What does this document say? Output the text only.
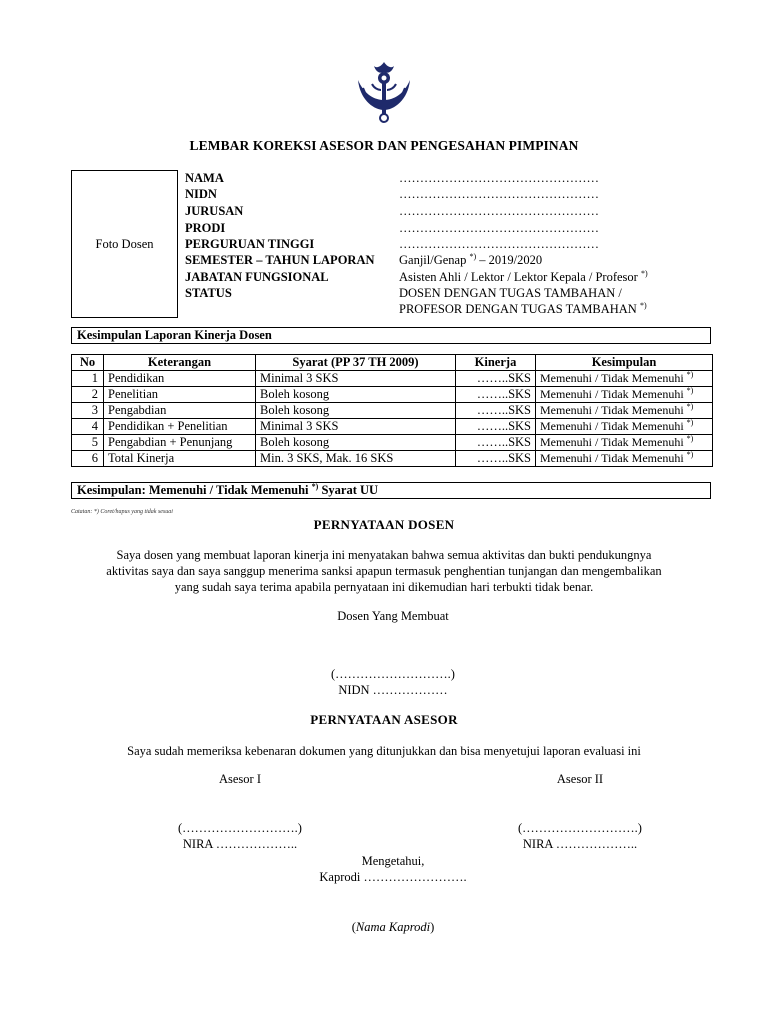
LEMBAR KOREKSI ASESOR DAN PENGESAHAN PIMPINAN
Foto Dosen
NAMA	…………………………………………
NIDN	…………………………………………
JURUSAN	…………………………………………
PRODI	…………………………………………
PERGURUAN TINGGI	…………………………………………
SEMESTER – TAHUN LAPORAN Ganjil/Genap *) – 2019/2020
JABATAN FUNGSIONAL	Asisten Ahli / Lektor / Lektor Kepala / Profesor *)
STATUS	DOSEN DENGAN TUGAS TAMBAHAN /
PROFESOR DENGAN TUGAS TAMBAHAN *)
Kesimpulan Laporan Kinerja Dosen
No	Keterangan	Syarat (PP 37 TH 2009)	Kinerja	Kesimpulan
1	Pendidikan	Minimal 3 SKS	……..SKS	Memenuhi / Tidak Memenuhi *)
2	Penelitian	Boleh kosong	……..SKS	Memenuhi / Tidak Memenuhi *)
3	Pengabdian	Boleh kosong	……..SKS	Memenuhi / Tidak Memenuhi *)
4	Pendidikan + Penelitian	Minimal 3 SKS	……..SKS	Memenuhi / Tidak Memenuhi *)
5	Pengabdian + Penunjang	Boleh kosong	……..SKS	Memenuhi / Tidak Memenuhi *)
6	Total Kinerja	Min. 3 SKS, Mak. 16 SKS	……..SKS	Memenuhi / Tidak Memenuhi *)
Kesimpulan: Memenuhi / Tidak Memenuhi *) Syarat UU
Catatan: *) Coret/hapus yang tidak sesuai
PERNYATAAN DOSEN
Saya dosen yang membuat laporan kinerja ini menyatakan bahwa semua aktivitas dan bukti pendukungnya
aktivitas saya dan saya sanggup menerima sanksi apapun termasuk penghentian tunjangan dan mengembalikan
yang sudah saya terima apabila pernyataan ini dikemudian hari terbukti tidak benar.
Dosen Yang Membuat
(……………………….)
NIDN ………………
PERNYATAAN ASESOR
Saya sudah memeriksa kebenaran dokumen yang ditunjukkan dan bisa menyetujui laporan evaluasi ini
Asesor I	Asesor II
(……………………….)	(……………………….)
NIRA ………………..	NIRA ………………..
Mengetahui,
Kaprodi …………………….
(Nama Kaprodi)
